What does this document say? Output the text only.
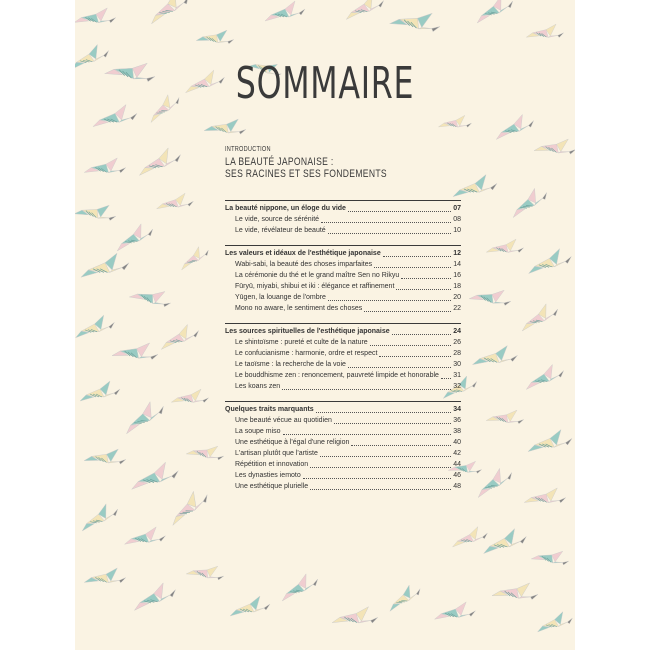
SOMMAIRE
INTRODUCTION
LA BEAUTÉ JAPONAISE :
SES RACINES ET SES FONDEMENTS
La beauté nippone, un éloge du vide	07
Le vide, source de sérénité	08
Le vide, révélateur de beauté	10
Les valeurs et idéaux de l'esthétique japonaise	12
Wabi-sabi, la beauté des choses imparfaites	14
La cérémonie du thé et le grand maître Sen no Rikyu	16
Fūryū, miyabi, shibui et iki : élégance et raffinement	18
Yūgen, la louange de l'ombre	20
Mono no aware, le sentiment des choses	22
Les sources spirituelles de l'esthétique japonaise	24
Le shintoïsme : pureté et culte de la nature	26
Le confucianisme : harmonie, ordre et respect	28
Le taoïsme : la recherche de la voie	30
Le bouddhisme zen : renoncement, pauvreté limpide et honorable 31
Les koans zen	32
Quelques traits marquants	34
Une beauté vécue au quotidien	36
La soupe miso	38
Une esthétique à l'égal d'une religion	40
L'artisan plutôt que l'artiste	42
Répétition et innovation	44
Les dynasties iemoto	46
Une esthétique plurielle	48
